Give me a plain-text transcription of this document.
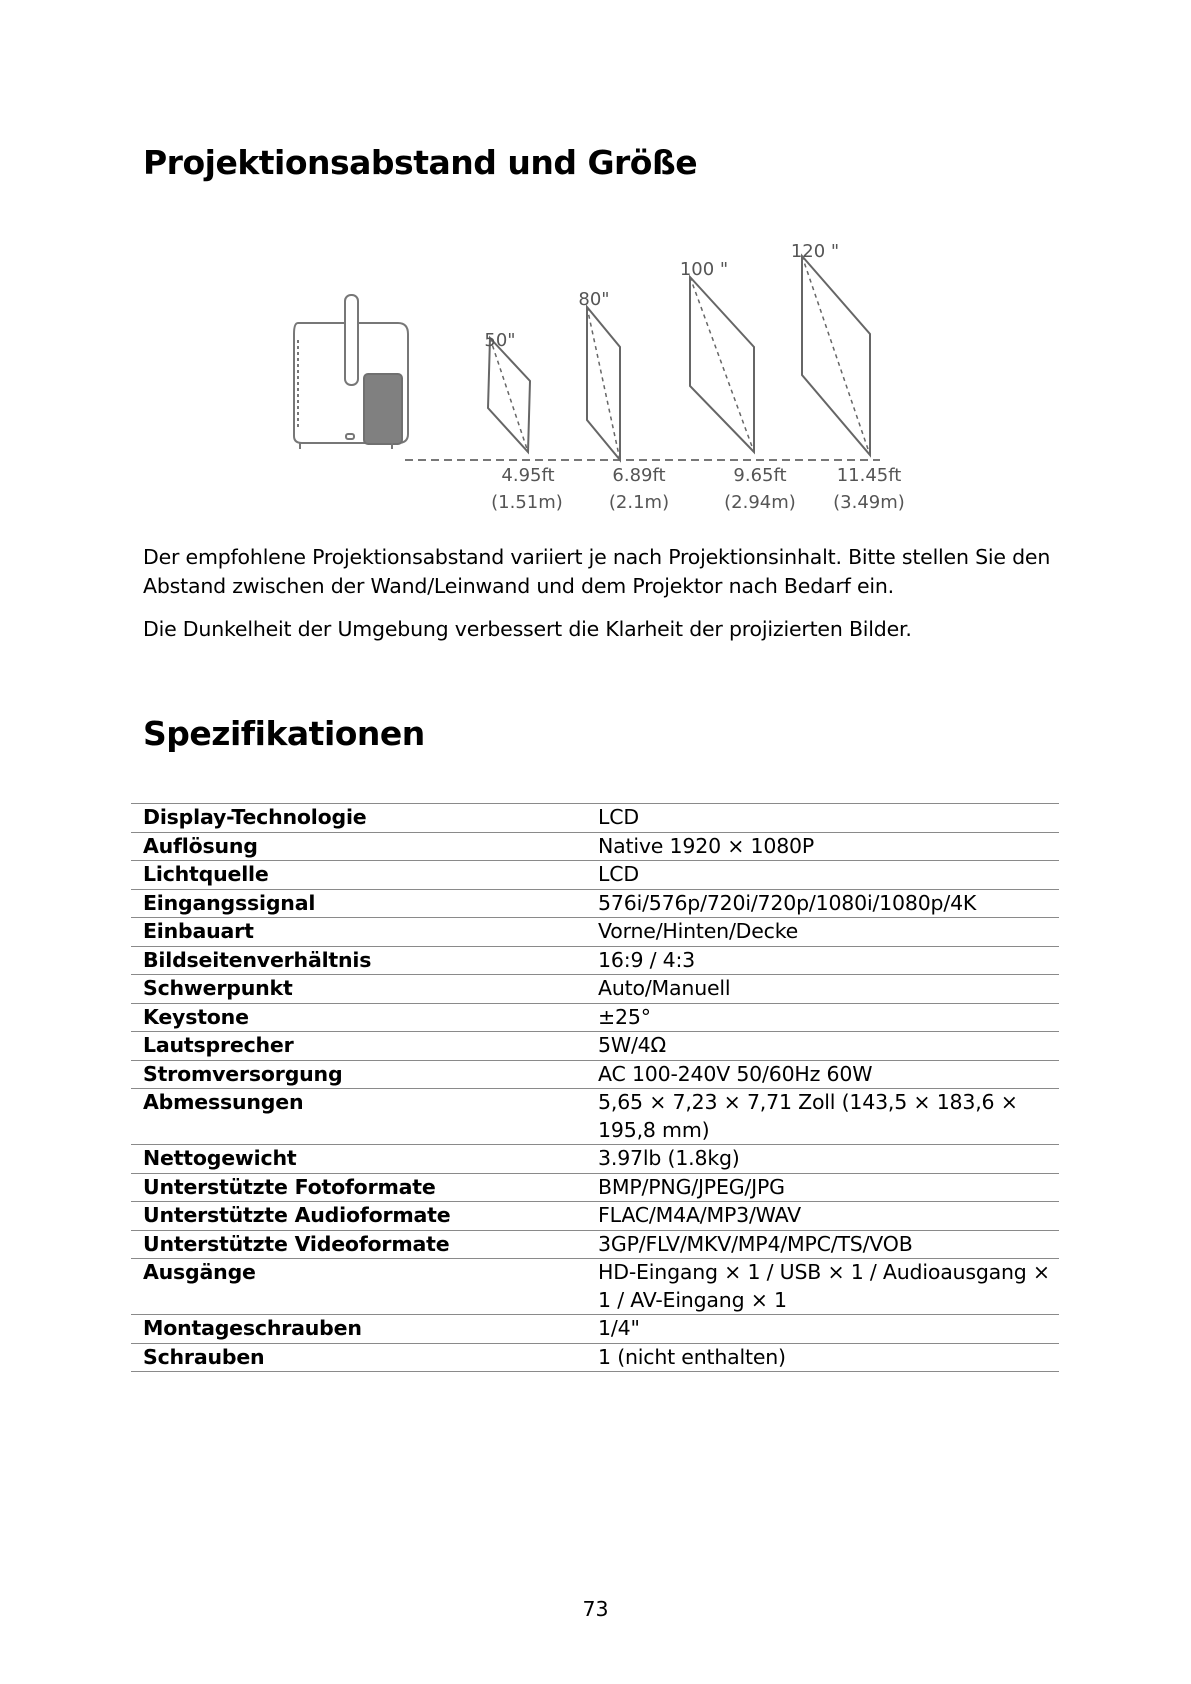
Projektionsabstand und Größe
50"
80"
100 "
120 "
4.95ft	6.89ft	9.65ft	11.45ft
(1.51m)	(2.1m)	(2.94m) (3.49m)

Der empfohlene Projektionsabstand variiert je nach Projektionsinhalt. Bitte stellen Sie den Abstand zwischen der Wand/Leinwand und dem Projektor nach Bedarf ein.

Die Dunkelheit der Umgebung verbessert die Klarheit der projizierten Bilder.

Spezifikationen
Display-Technologie	LCD
Auflösung	Native 1920 × 1080P
Lichtquelle	LCD
Eingangssignal	576i/576p/720i/720p/1080i/1080p/4K
Einbauart	Vorne/Hinten/Decke
Bildseitenverhältnis	16:9 / 4:3
Schwerpunkt	Auto/Manuell
Keystone	±25°
Lautsprecher	5W/4Ω
Stromversorgung	AC 100-240V 50/60Hz 60W
Abmessungen	5,65 × 7,23 × 7,71 Zoll (143,5 × 183,6 × 195,8 mm)
Nettogewicht	3.97lb (1.8kg)
Unterstützte Fotoformate	BMP/PNG/JPEG/JPG
Unterstützte Audioformate	FLAC/M4A/MP3/WAV
Unterstützte Videoformate	3GP/FLV/MKV/MP4/MPC/TS/VOB
Ausgänge	HD-Eingang × 1 / USB × 1 / Audioausgang × 1 / AV-Eingang × 1
Montageschrauben	1/4"
Schrauben	1 (nicht enthalten)
73
